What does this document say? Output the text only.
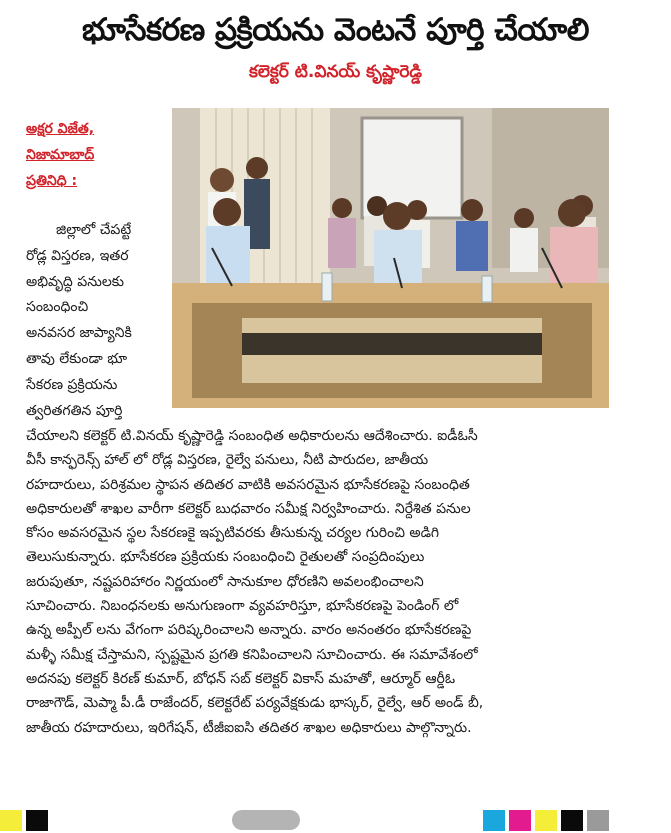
భూసేకరణ ప్రక్రియను వెంటనే పూర్తి చేయాలి
కలెక్టర్ టి.వినయ్ కృష్ణారెడ్డి
అక్షర విజేత,
నిజామాబాద్
ప్రతినిధి :
జిల్లాలో చేపట్టే
రోడ్ల విస్తరణ, ఇతర
అభివృద్ధి పనులకు
సంబంధించి
అనవసర జాప్యానికి
తావు లేకుండా భూ
సేకరణ ప్రక్రియను
త్వరితగతిన పూర్తి
చేయాలని కలెక్టర్ టి.వినయ్ కృష్ణారెడ్డి సంబంధిత అధికారులను ఆదేశించారు. ఐడీఓసీ
వీసీ కాన్ఫరెన్స్ హాల్ లో రోడ్ల విస్తరణ, రైల్వే పనులు, నీటి పారుదల, జాతీయ
రహదారులు, పరిశ్రమల స్థాపన తదితర వాటికి అవసరమైన భూసేకరణపై సంబంధిత
అధికారులతో శాఖల వారీగా కలెక్టర్ బుధవారం సమీక్ష నిర్వహించారు. నిర్దేశిత పనుల
కోసం అవసరమైన స్థల సేకరణకై ఇప్పటివరకు తీసుకున్న చర్యల గురించి అడిగి
తెలుసుకున్నారు. భూసేకరణ ప్రక్రియకు సంబంధించి రైతులతో సంప్రదింపులు
జరుపుతూ, నష్టపరిహారం నిర్ణయంలో సానుకూల ధోరణిని అవలంభించాలని
సూచించారు. నిబంధనలకు అనుగుణంగా వ్యవహరిస్తూ, భూసేకరణపై పెండింగ్ లో
ఉన్న అప్పీల్ లను వేగంగా పరిష్కరించాలని అన్నారు. వారం అనంతరం భూసేకరణపై
మళ్ళీ సమీక్ష చేస్తామని, స్పష్టమైన ప్రగతి కనిపించాలని సూచించారు. ఈ సమావేశంలో
అదనపు కలెక్టర్ కిరణ్ కుమార్, బోధన్ సబ్ కలెక్టర్ వికాస్ మహతో, ఆర్మూర్ ఆర్డీఓ
రాజాగౌడ్, మెప్మా పీ.డీ రాజేందర్, కలెక్టరేట్ పర్యవేక్షకుడు భాస్కర్, రైల్వే, ఆర్ అండ్ బీ,
జాతీయ రహదారులు, ఇరిగేషన్, టీజీఐఐసి తదితర శాఖల అధికారులు పాల్గొన్నారు.
